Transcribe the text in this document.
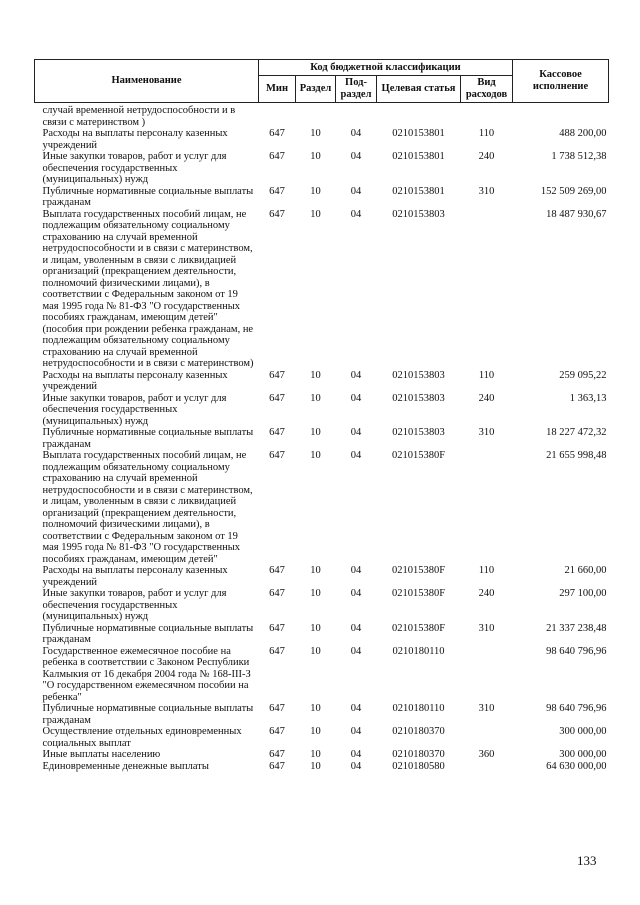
Наименование	Код бюджетной классификации					Кассовое исполнение
	Мин	Раздел	Под-раздел	Целевая статья	Вид расходов	
случай временной нетрудоспособности и в связи с материнством )						
Расходы на выплаты персоналу казенных учреждений	647	10	04	0210153801	110	488 200,00
Иные закупки товаров, работ и услуг для обеспечения государственных (муниципальных) нужд	647	10	04	0210153801	240	1 738 512,38
Публичные нормативные социальные выплаты гражданам	647	10	04	0210153801	310	152 509 269,00
Выплата государственных пособий лицам, не подлежащим обязательному социальному страхованию на случай временной нетрудоспособности и в связи с материнством, и лицам, уволенным в связи с ликвидацией организаций (прекращением деятельности, полномочий физическими лицами), в соответствии с Федеральным законом от 19 мая 1995 года № 81-ФЗ "О государственных пособиях гражданам, имеющим детей" (пособия при рождении ребенка гражданам, не подлежащим обязательному социальному страхованию на случай временной нетрудоспособности и в связи с материнством)	647	10	04	0210153803		18 487 930,67
Расходы на выплаты персоналу казенных учреждений	647	10	04	0210153803	110	259 095,22
Иные закупки товаров, работ и услуг для обеспечения государственных (муниципальных) нужд	647	10	04	0210153803	240	1 363,13
Публичные нормативные социальные выплаты гражданам	647	10	04	0210153803	310	18 227 472,32
Выплата государственных пособий лицам, не подлежащим обязательному социальному страхованию на случай временной нетрудоспособности и в связи с материнством, и лицам, уволенным в связи с ликвидацией организаций (прекращением деятельности, полномочий физическими лицами), в соответствии с Федеральным законом от 19 мая 1995 года № 81-ФЗ "О государственных пособиях гражданам, имеющим детей"	647	10	04	021015380F		21 655 998,48
Расходы на выплаты персоналу казенных учреждений	647	10	04	021015380F	110	21 660,00
Иные закупки товаров, работ и услуг для обеспечения государственных (муниципальных) нужд	647	10	04	021015380F	240	297 100,00
Публичные нормативные социальные выплаты гражданам	647	10	04	021015380F	310	21 337 238,48
Государственное ежемесячное пособие на ребенка в соответствии с Законом Республики Калмыкия от 16 декабря 2004 года № 168-III-З "О государственном ежемесячном пособии на ребенка"	647	10	04	0210180110		98 640 796,96
Публичные нормативные социальные выплаты гражданам	647	10	04	0210180110	310	98 640 796,96
Осуществление отдельных единовременных социальных выплат	647	10	04	0210180370		300 000,00
Иные выплаты населению	647	10	04	0210180370	360	300 000,00
Единовременные денежные выплаты	647	10	04	0210180580		64 630 000,00
133
